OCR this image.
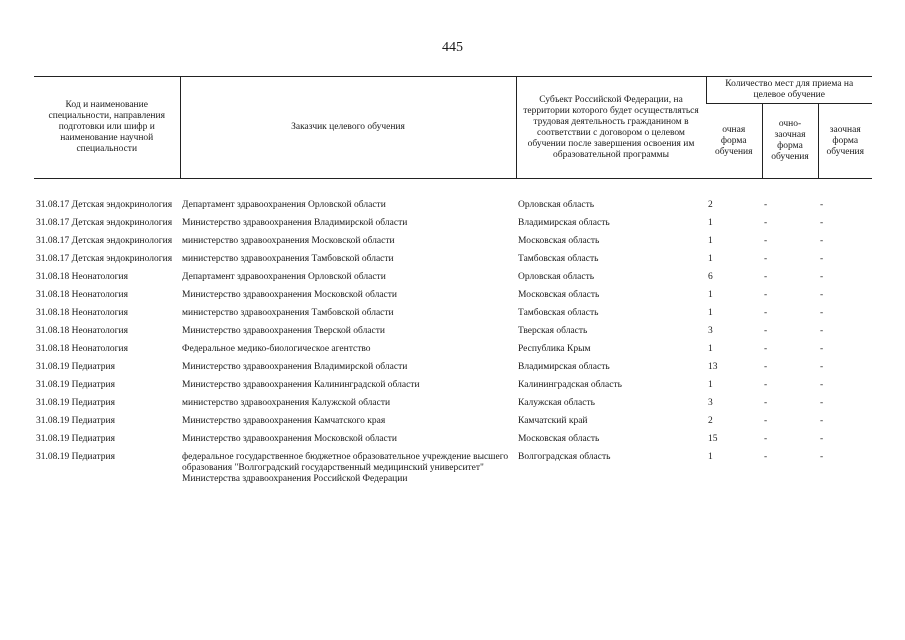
445
Код и наименование специальности, направления подготовки или шифр и наименование научной специальности	Заказчик целевого обучения	Субъект Российской Федерации, на территории которого будет осуществляться трудовая деятельность гражданином в соответствии с договором о целевом обучении после завершения освоения им образовательной программы	Количество мест для приема на целевое обучение		
			очная форма обучения	очно-заочная форма обучения	заочная форма обучения

31.08.17 Детская эндокринология	Департамент здравоохранения Орловской области	Орловская область	2	-	-
31.08.17 Детская эндокринология	Министерство здравоохранения Владимирской области	Владимирская область	1	-	-
31.08.17 Детская эндокринология	министерство здравоохранения Московской области	Московская область	1	-	-
31.08.17 Детская эндокринология	министерство здравоохранения Тамбовской области	Тамбовская область	1	-	-
31.08.18 Неонатология	Департамент здравоохранения Орловской области	Орловская область	6	-	-
31.08.18 Неонатология	Министерство здравоохранения Московской области	Московская область	1	-	-
31.08.18 Неонатология	министерство здравоохранения Тамбовской области	Тамбовская область	1	-	-
31.08.18 Неонатология	Министерство здравоохранения Тверской области	Тверская область	3	-	-
31.08.18 Неонатология	Федеральное медико-биологическое агентство	Республика Крым	1	-	-
31.08.19 Педиатрия	Министерство здравоохранения Владимирской области	Владимирская область	13	-	-
31.08.19 Педиатрия	Министерство здравоохранения Калининградской области	Калининградская область	1	-	-
31.08.19 Педиатрия	министерство здравоохранения Калужской области	Калужская область	3	-	-
31.08.19 Педиатрия	Министерство здравоохранения Камчатского края	Камчатский край	2	-	-
31.08.19 Педиатрия	Министерство здравоохранения Московской области	Московская область	15	-	-
31.08.19 Педиатрия	федеральное государственное бюджетное образовательное учреждение высшего образования "Волгоградский государственный медицинский университет" Министерства здравоохранения Российской Федерации	Волгоградская область	1	-	-
